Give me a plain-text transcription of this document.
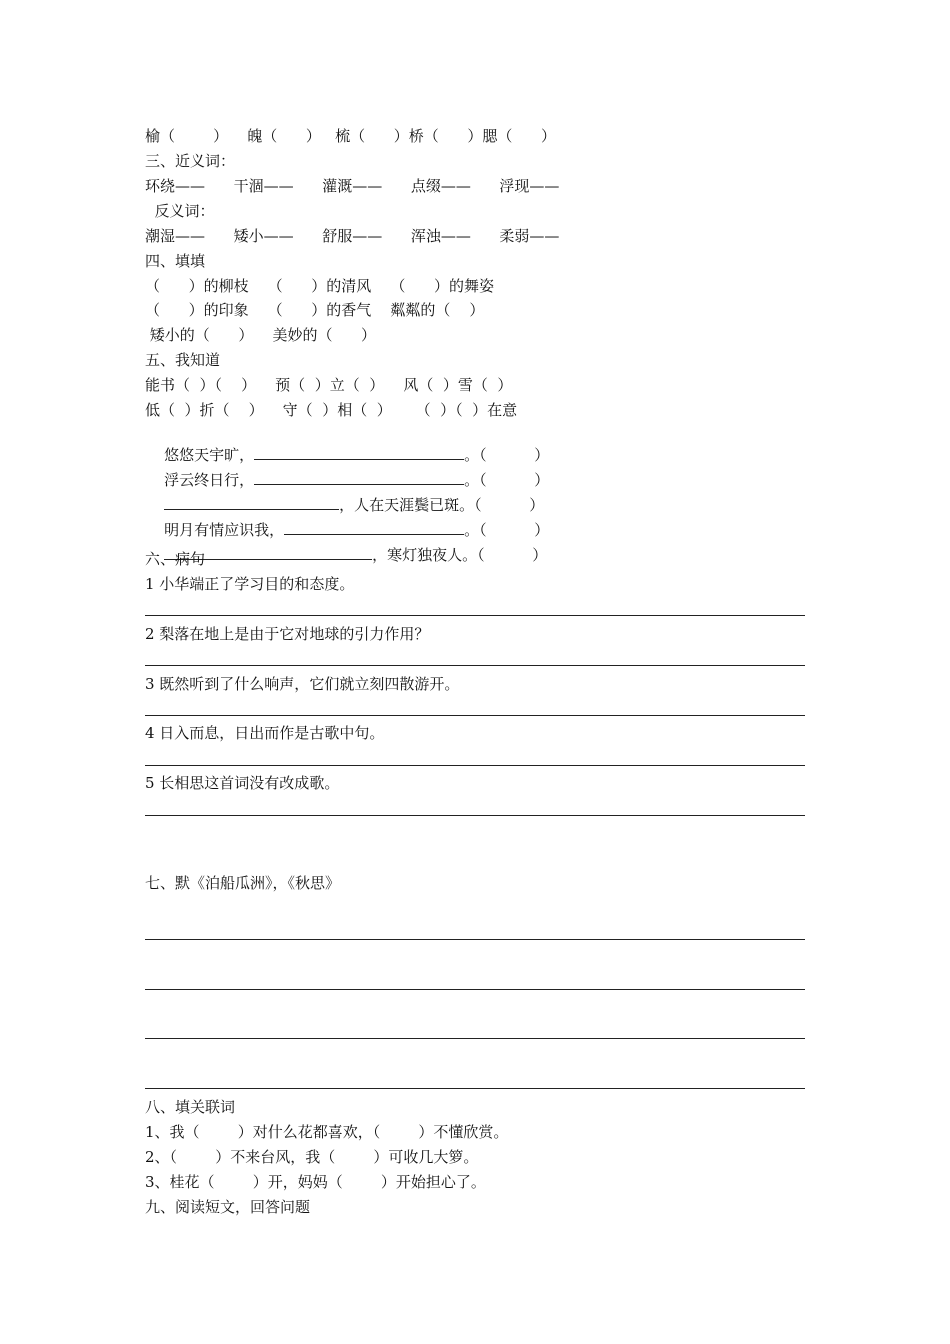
榆（        ）    魄（      ）   梳（      ）桥（      ）腮（      ）
三、近义词：
环绕——      干涸——      灌溉——      点缀——      浮现——
反义词：
潮湿——      矮小——      舒服——      浑浊——      柔弱——
四、填填
（      ）的柳枝    （      ）的清风    （      ）的舞姿
（      ）的印象    （      ）的香气    粼粼的（    ）
矮小的（      ）    美妙的（      ）
五、我知道
能书（  ）（    ）    预（  ）立（  ）    风（  ）雪（  ）
低（  ）折（    ）    守（  ）相（  ）     （  ）（  ）在意

悠悠天宇旷，	。（          ）

浮云终日行，	。（          ）

，人在天涯鬓已斑。（          ）

明月有情应识我，	。（          ）

，寒灯独夜人。（          ）

六、病句
1 小华端正了学习目的和态度。
2 梨落在地上是由于它对地球的引力作用？
3 既然听到了什么响声，它们就立刻四散游开。
4 日入而息，日出而作是古歌中句。
5 长相思这首词没有改成歌。
七、默《泊船瓜洲》，《秋思》
八、填关联词
1、我（        ）对什么花都喜欢，（        ）不懂欣赏。
2、（        ）不来台风，我（        ）可收几大箩。
3、桂花（        ）开，妈妈（        ）开始担心了。
九、阅读短文，回答问题
